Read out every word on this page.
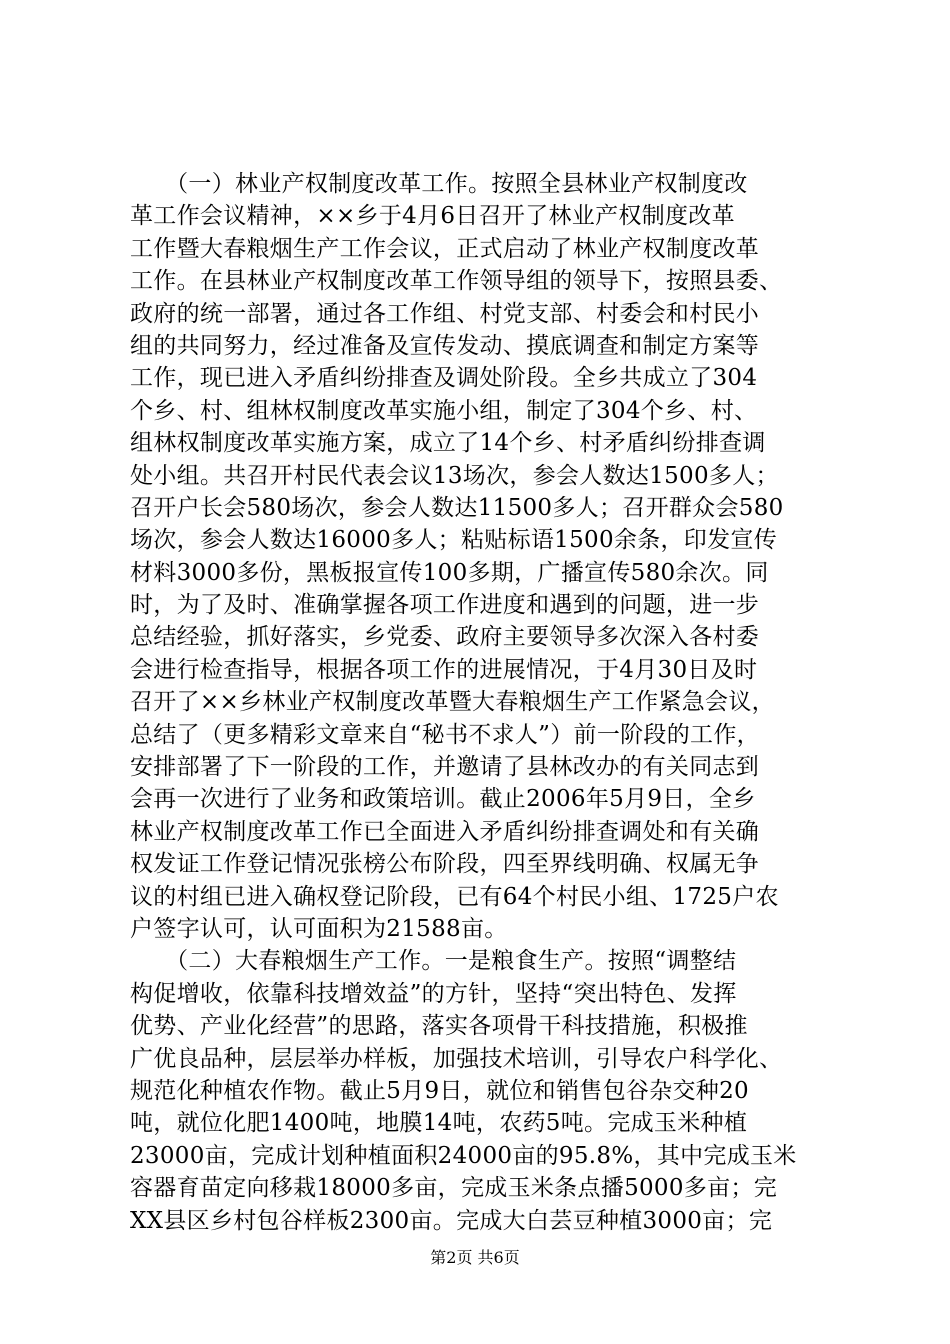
　　（一）林业产权制度改革工作。按照全县林业产权制度改
革工作会议精神，××乡于4月6日召开了林业产权制度改革
工作暨大春粮烟生产工作会议，正式启动了林业产权制度改革
工作。在县林业产权制度改革工作领导组的领导下，按照县委、
政府的统一部署，通过各工作组、村党支部、村委会和村民小
组的共同努力，经过准备及宣传发动、摸底调查和制定方案等
工作，现已进入矛盾纠纷排查及调处阶段。全乡共成立了304
个乡、村、组林权制度改革实施小组，制定了304个乡、村、
组林权制度改革实施方案，成立了14个乡、村矛盾纠纷排查调
处小组。共召开村民代表会议13场次，参会人数达1500多人；
召开户长会580场次，参会人数达11500多人；召开群众会580
场次，参会人数达16000多人；粘贴标语1500余条，印发宣传
材料3000多份，黑板报宣传100多期，广播宣传580余次。同
时，为了及时、准确掌握各项工作进度和遇到的问题，进一步
总结经验，抓好落实，乡党委、政府主要领导多次深入各村委
会进行检查指导，根据各项工作的进展情况，于4月30日及时
召开了××乡林业产权制度改革暨大春粮烟生产工作紧急会议，
总结了（更多精彩文章来自“秘书不求人”）前一阶段的工作，
安排部署了下一阶段的工作，并邀请了县林改办的有关同志到
会再一次进行了业务和政策培训。截止2006年5月9日，全乡
林业产权制度改革工作已全面进入矛盾纠纷排查调处和有关确
权发证工作登记情况张榜公布阶段，四至界线明确、权属无争
议的村组已进入确权登记阶段，已有64个村民小组、1725户农
户签字认可，认可面积为21588亩。
　　（二）大春粮烟生产工作。一是粮食生产。按照“调整结
构促增收，依靠科技增效益”的方针，坚持“突出特色、发挥
优势、产业化经营”的思路，落实各项骨干科技措施，积极推
广优良品种，层层举办样板，加强技术培训，引导农户科学化、
规范化种植农作物。截止5月9日，就位和销售包谷杂交种20
吨，就位化肥1400吨，地膜14吨，农药5吨。完成玉米种植
23000亩，完成计划种植面积24000亩的95.8%，其中完成玉米
容器育苗定向移栽18000多亩，完成玉米条点播5000多亩；完
XX县区乡村包谷样板2300亩。完成大白芸豆种植3000亩；完
第2页 共6页
